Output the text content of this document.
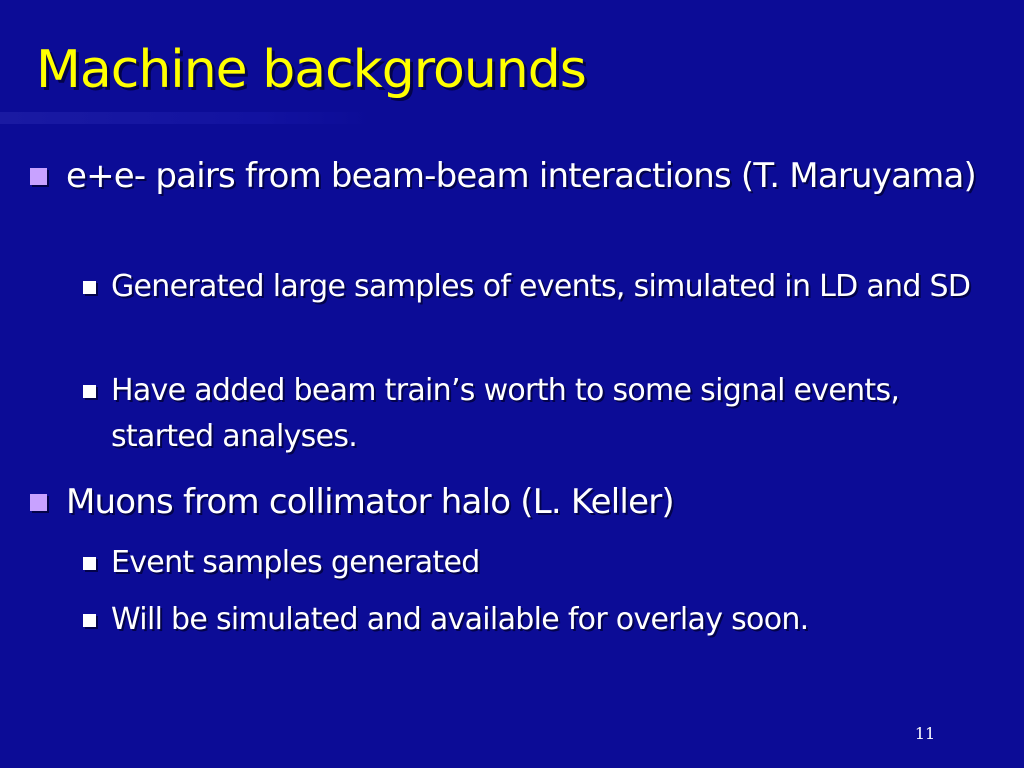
Machine backgrounds
e+e- pairs from beam-beam interactions (T. Maruyama)
Generated large samples of events, simulated in LD and SD
Have added beam train’s worth to some signal events, started analyses.
Muons from collimator halo (L. Keller)
Event samples generated
Will be simulated and available for overlay soon.
11
